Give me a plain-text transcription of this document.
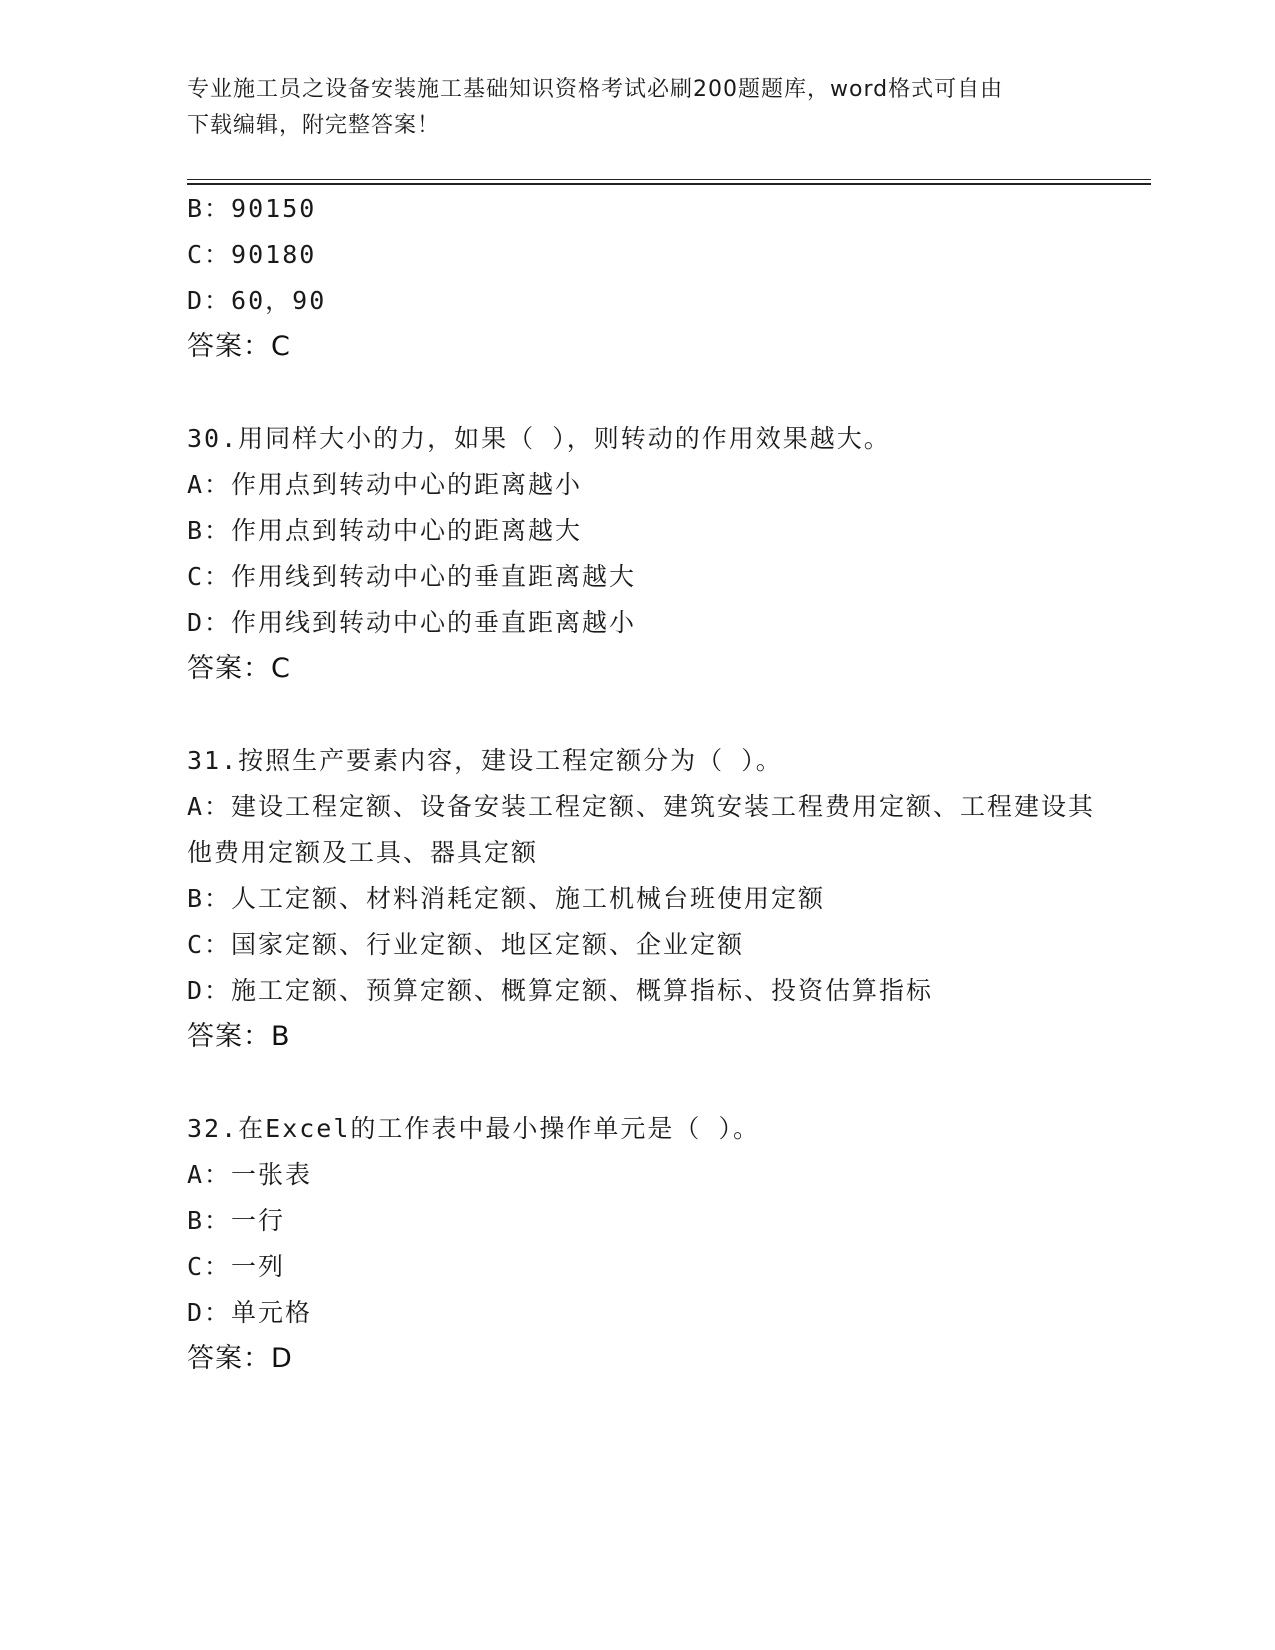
专业施工员之设备安装施工基础知识资格考试必刷200题题库，word格式可自由
下载编辑，附完整答案！
B：90150
C：90180
D：60，90
答案：C
30.用同样大小的力，如果（ ），则转动的作用效果越大。
A：作用点到转动中心的距离越小
B：作用点到转动中心的距离越大
C：作用线到转动中心的垂直距离越大
D：作用线到转动中心的垂直距离越小
答案：C
31.按照生产要素内容，建设工程定额分为（ ）。
A：建设工程定额、设备安装工程定额、建筑安装工程费用定额、工程建设其他费用定额及工具、器具定额
B：人工定额、材料消耗定额、施工机械台班使用定额
C：国家定额、行业定额、地区定额、企业定额
D：施工定额、预算定额、概算定额、概算指标、投资估算指标
答案：B
32.在Excel的工作表中最小操作单元是（ ）。
A：一张表
B：一行
C：一列
D：单元格
答案：D
